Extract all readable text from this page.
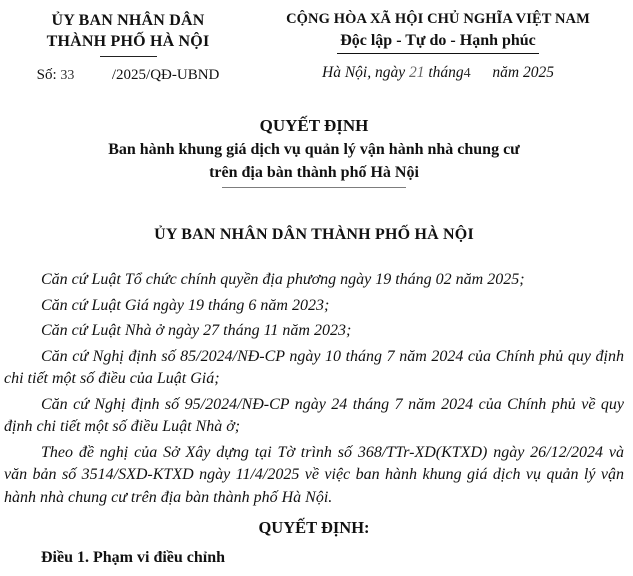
ỦY BAN NHÂN DÂN
THÀNH PHỐ HÀ NỘI
Số: 33	/2025/QĐ-UBND
CỘNG HÒA XÃ HỘI CHỦ NGHĨA VIỆT NAM
Độc lập - Tự do - Hạnh phúc
Hà Nội, ngày 21 tháng4 năm 2025
QUYẾT ĐỊNH
Ban hành khung giá dịch vụ quản lý vận hành nhà chung cư
trên địa bàn thành phố Hà Nội
ỦY BAN NHÂN DÂN THÀNH PHỐ HÀ NỘI

Căn cứ Luật Tổ chức chính quyền địa phương ngày 19 tháng 02 năm 2025;

Căn cứ Luật Giá ngày 19 tháng 6 năm 2023;

Căn cứ Luật Nhà ở ngày 27 tháng 11 năm 2023;

Căn cứ Nghị định số 85/2024/NĐ-CP ngày 10 tháng 7 năm 2024 của Chính phủ quy định chi tiết một số điều của Luật Giá;

Căn cứ Nghị định số 95/2024/NĐ-CP ngày 24 tháng 7 năm 2024 của Chính phủ về quy định chi tiết một số điều Luật Nhà ở;

Theo đề nghị của Sở Xây dựng tại Tờ trình số 368/TTr-XD(KTXD) ngày 26/12/2024 và văn bản số 3514/SXD-KTXD ngày 11/4/2025 về việc ban hành khung giá dịch vụ quản lý vận hành nhà chung cư trên địa bàn thành phố Hà Nội.

QUYẾT ĐỊNH:
Điều 1. Phạm vi điều chỉnh
